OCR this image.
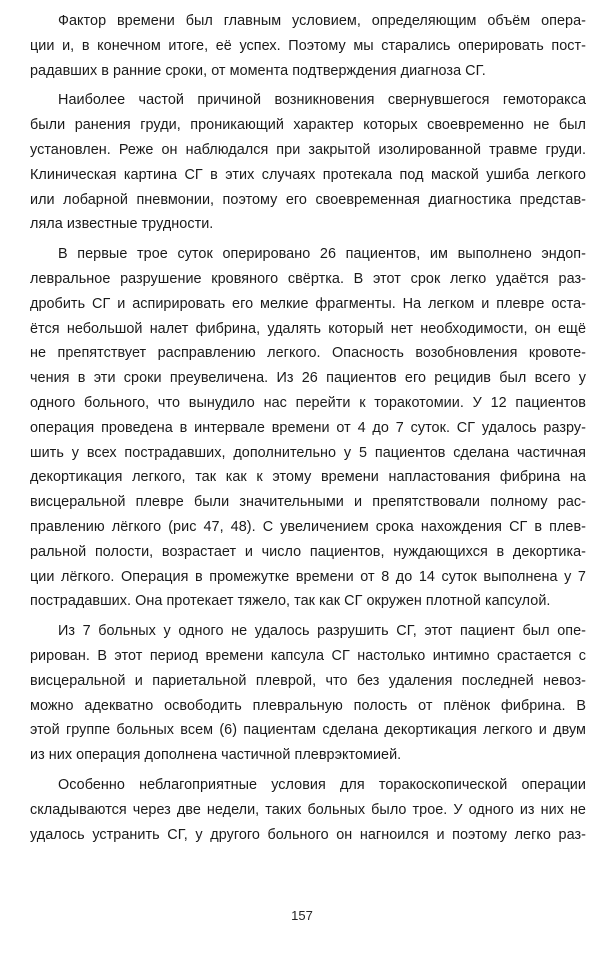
Фактор времени был главным условием, определяющим объём опера-
ции и, в конечном итоге, её успех. Поэтому мы старались оперировать пост-
радавших в ранние сроки, от момента подтверждения диагноза СГ.
Наиболее частой причиной возникновения свернувшегося гемоторакса
были ранения груди, проникающий характер которых своевременно не был
установлен. Реже он наблюдался при закрытой изолированной травме груди.
Клиническая картина СГ в этих случаях протекала под маской ушиба легкого
или лобарной пневмонии, поэтому его своевременная диагностика представ-
ляла известные трудности.
В первые трое суток оперировано 26 пациентов, им выполнено эндоп-
левральное разрушение кровяного свёртка. В этот срок легко удаётся раз-
дробить СГ и аспирировать его мелкие фрагменты. На легком и плевре оста-
ётся небольшой налет фибрина, удалять который нет необходимости, он ещё
не препятствует расправлению легкого. Опасность возобновления кровоте-
чения в эти сроки преувеличена. Из 26 пациентов его рецидив был всего у
одного больного, что вынудило нас перейти к торакотомии. У 12 пациентов
операция проведена в интервале времени от 4 до 7 суток. СГ удалось разру-
шить у всех пострадавших, дополнительно у 5 пациентов сделана частичная
декортикация легкого, так как к этому времени напластования фибрина на
висцеральной плевре были значительными и препятствовали полному рас-
правлению лёгкого (рис 47, 48). С увеличением срока нахождения СГ в плев-
ральной полости, возрастает и число пациентов, нуждающихся в декортика-
ции лёгкого. Операция в промежутке времени от 8 до 14 суток выполнена у 7
пострадавших. Она протекает тяжело, так как СГ окружен плотной капсулой.
Из 7 больных у одного не удалось разрушить СГ, этот пациент был опе-
рирован. В этот период времени капсула СГ настолько интимно срастается с
висцеральной и париетальной плеврой, что без удаления последней невоз-
можно адекватно освободить плевральную полость от плёнок фибрина. В
этой группе больных всем (6) пациентам сделана декортикация легкого и двум
из них операция дополнена частичной плеврэктомией.
Особенно неблагоприятные условия для торакоскопической операции
складываются через две недели, таких больных было трое. У одного из них не
удалось устранить СГ, у другого больного он нагноился и поэтому легко раз-
157
